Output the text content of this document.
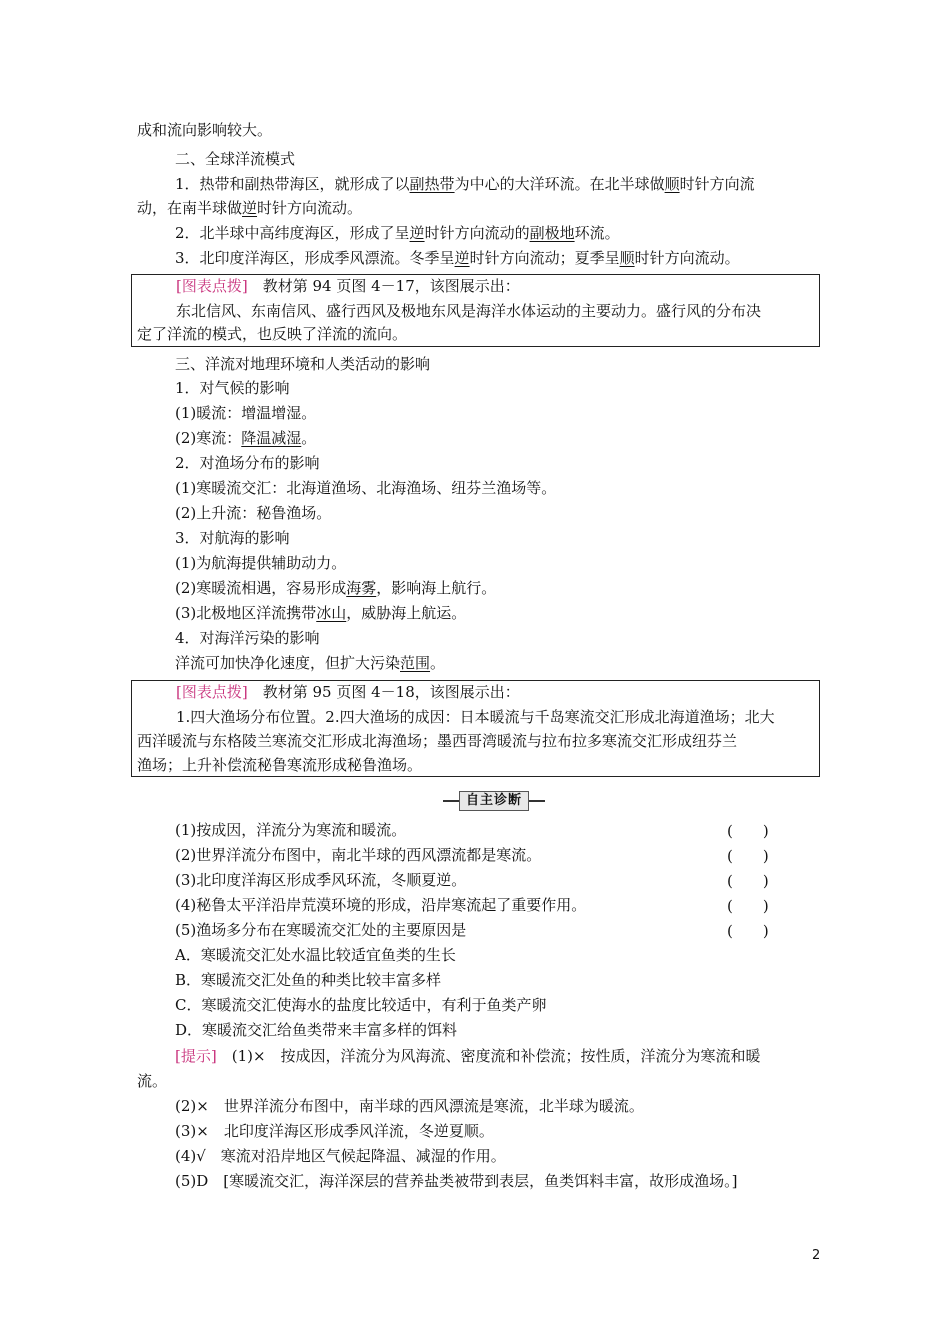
成和流向影响较大。
二、全球洋流模式
1．热带和副热带海区，就形成了以副热带为中心的大洋环流。在北半球做顺时针方向流
动，在南半球做逆时针方向流动。
2．北半球中高纬度海区，形成了呈逆时针方向流动的副极地环流。
3．北印度洋海区，形成季风漂流。冬季呈逆时针方向流动；夏季呈顺时针方向流动。
[图表点拨]　教材第 94 页图 4－17，该图展示出：
东北信风、东南信风、盛行西风及极地东风是海洋水体运动的主要动力。盛行风的分布决
定了洋流的模式，也反映了洋流的流向。
三、洋流对地理环境和人类活动的影响
1．对气候的影响
(1)暖流：增温增湿。
(2)寒流：降温减湿。
2．对渔场分布的影响
(1)寒暖流交汇：北海道渔场、北海渔场、纽芬兰渔场等。
(2)上升流：秘鲁渔场。
3．对航海的影响
(1)为航海提供辅助动力。
(2)寒暖流相遇，容易形成海雾，影响海上航行。
(3)北极地区洋流携带冰山，威胁海上航运。
4．对海洋污染的影响
洋流可加快净化速度，但扩大污染范围。
[图表点拨]　教材第 95 页图 4－18，该图展示出：
1.四大渔场分布位置。2.四大渔场的成因：日本暖流与千岛寒流交汇形成北海道渔场；北大
西洋暖流与东格陵兰寒流交汇形成北海渔场；墨西哥湾暖流与拉布拉多寒流交汇形成纽芬兰
渔场；上升补偿流秘鲁寒流形成秘鲁渔场。
自主诊断
(1)按成因，洋流分为寒流和暖流。	(　　)
(2)世界洋流分布图中，南北半球的西风漂流都是寒流。	(　　)
(3)北印度洋海区形成季风环流，冬顺夏逆。	(　　)
(4)秘鲁太平洋沿岸荒漠环境的形成，沿岸寒流起了重要作用。	(　　)
(5)渔场多分布在寒暖流交汇处的主要原因是	(　　)
A．寒暖流交汇处水温比较适宜鱼类的生长
B．寒暖流交汇处鱼的种类比较丰富多样
C．寒暖流交汇使海水的盐度比较适中，有利于鱼类产卵
D．寒暖流交汇给鱼类带来丰富多样的饵料
[提示]　(1)×　按成因，洋流分为风海流、密度流和补偿流；按性质，洋流分为寒流和暖
流。
(2)×　世界洋流分布图中，南半球的西风漂流是寒流，北半球为暖流。
(3)×　北印度洋海区形成季风洋流，冬逆夏顺。
(4)√　寒流对沿岸地区气候起降温、减湿的作用。
(5)D　[寒暖流交汇，海洋深层的营养盐类被带到表层，鱼类饵料丰富，故形成渔场。]
2
